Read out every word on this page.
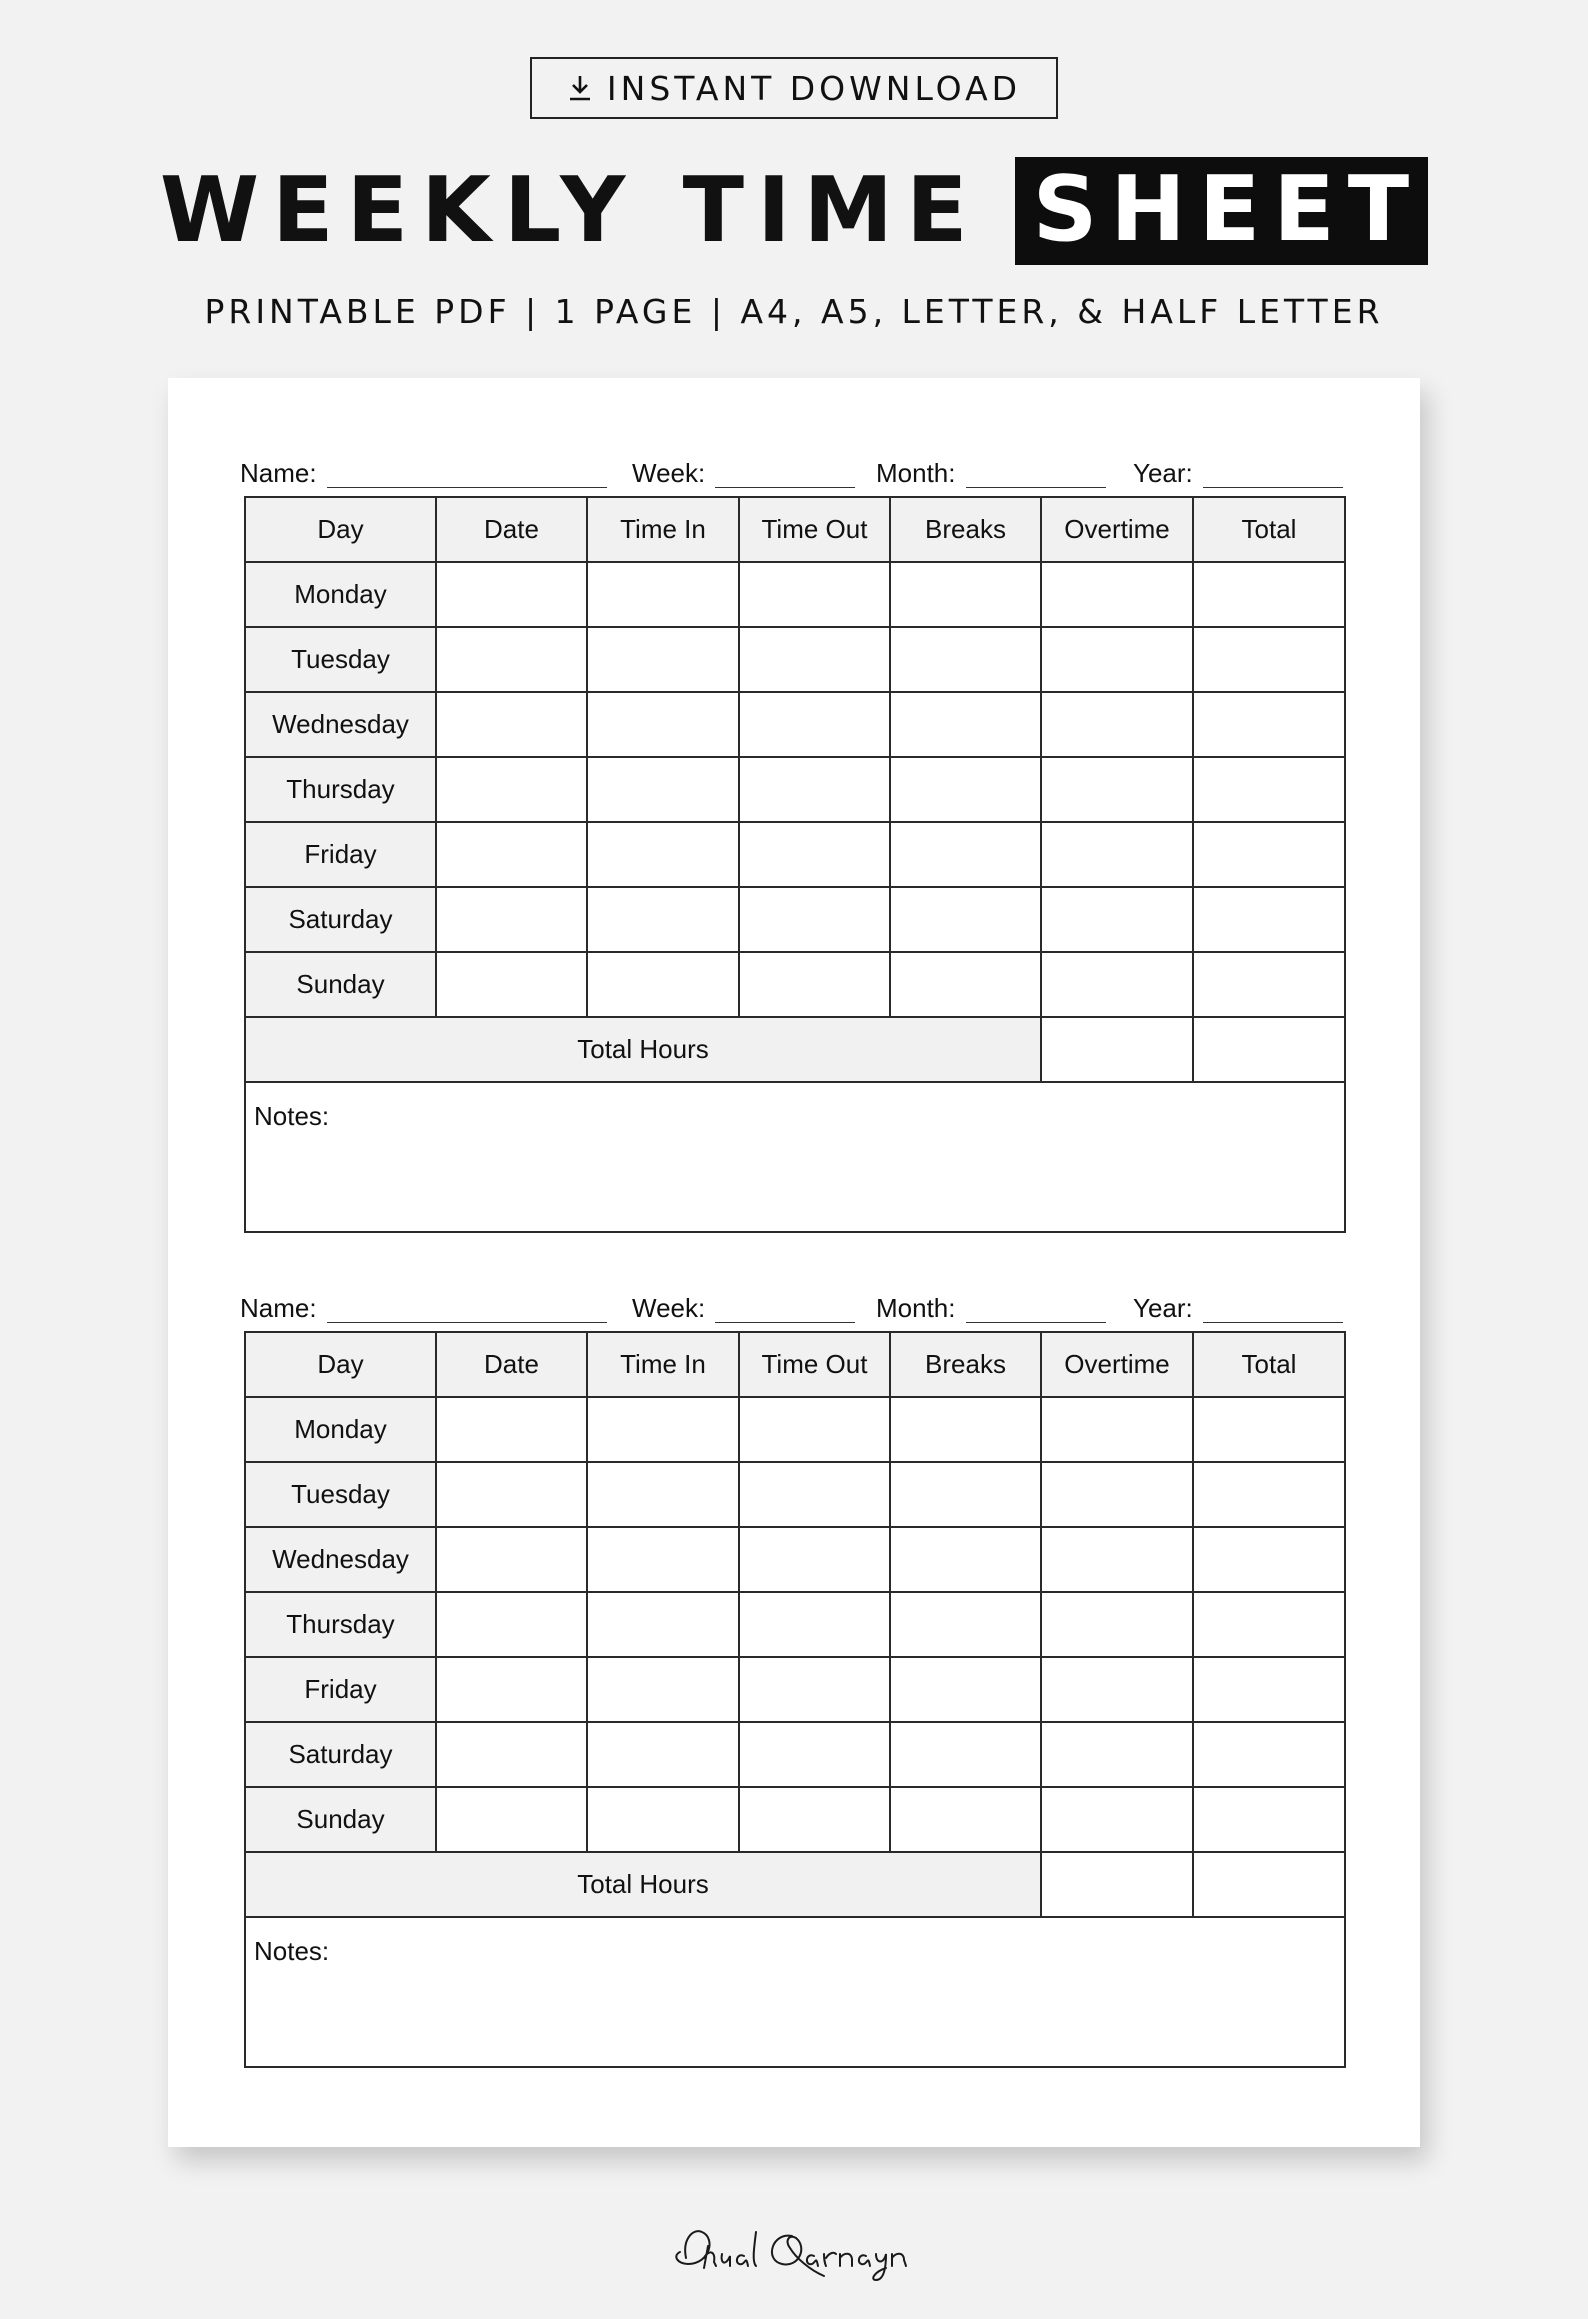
INSTANT DOWNLOAD
WEEKLY TIME SHEET
PRINTABLE PDF | 1 PAGE | A4, A5, LETTER, & HALF LETTER
Name:	Week:	Month:	Year:
Day	Date	Time In	Time Out	Breaks	Overtime	Total
Monday						
Tuesday						
Wednesday						
Thursday						
Friday						
Saturday						
Sunday						
Total Hours						
Notes:						
Name:	Week:	Month:	Year:
Day	Date	Time In	Time Out	Breaks	Overtime	Total
Monday						
Tuesday						
Wednesday						
Thursday						
Friday						
Saturday						
Sunday						
Total Hours						
Notes:						
